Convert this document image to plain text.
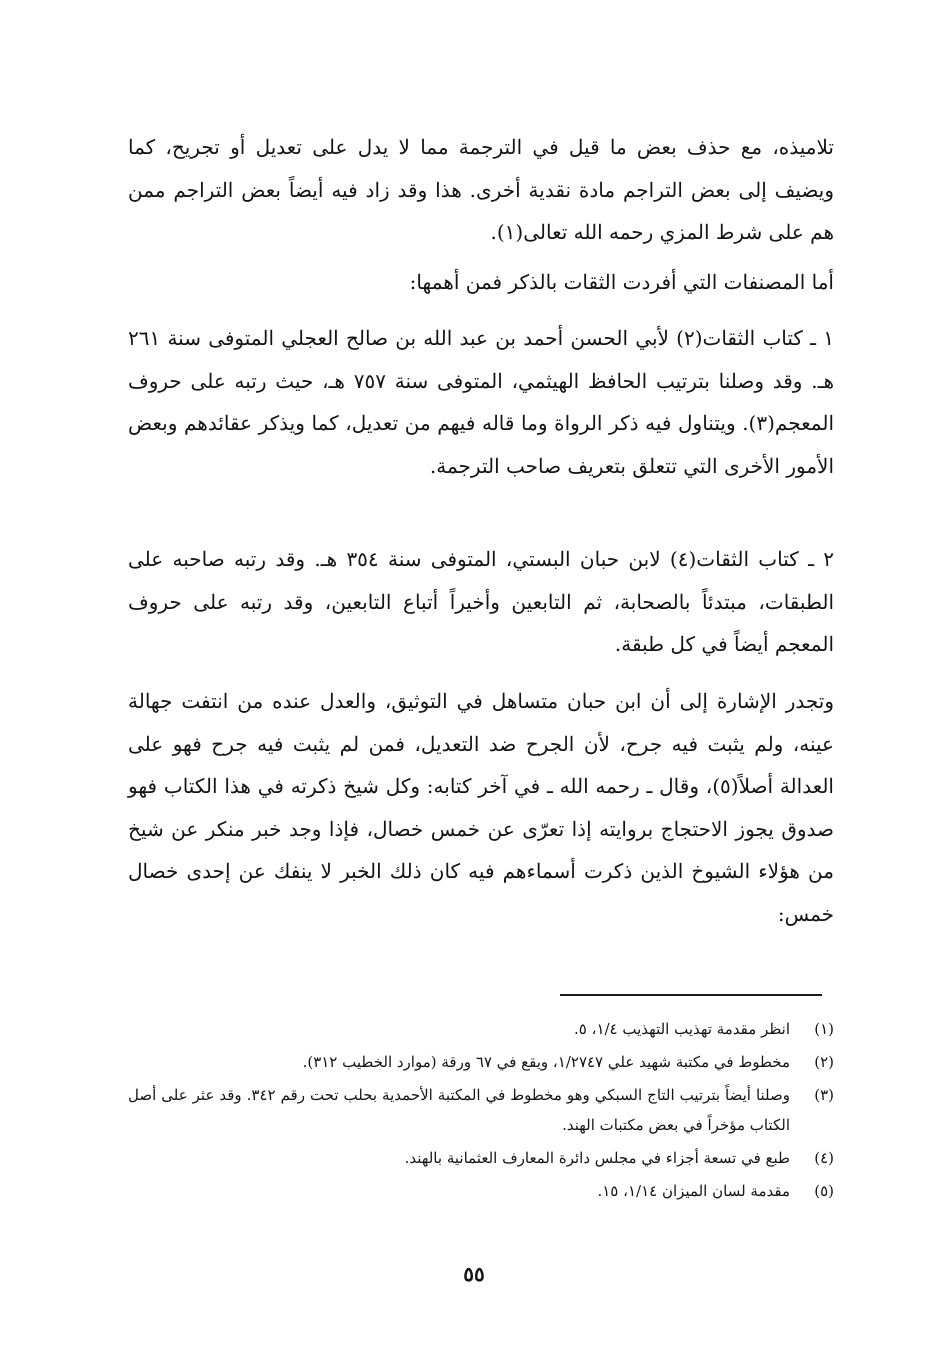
تلاميذه، مع حذف بعض ما قيل في الترجمة مما لا يدل على تعديل أو تجريح، كما ويضيف إلى بعض التراجم مادة نقدية أخرى. هذا وقد زاد فيه أيضاً بعض التراجم ممن هم على شرط المزي رحمه الله تعالى(١).

أما المصنفات التي أفردت الثقات بالذكر فمن أهمها:

١ ـ كتاب الثقات(٢) لأبي الحسن أحمد بن عبد الله بن صالح العجلي المتوفى سنة ٢٦١ هـ. وقد وصلنا بترتيب الحافظ الهيثمي، المتوفى سنة ٧٥٧ هـ، حيث رتبه على حروف المعجم(٣). ويتناول فيه ذكر الرواة وما قاله فيهم من تعديل، كما ويذكر عقائدهم وبعض الأمور الأخرى التي تتعلق بتعريف صاحب الترجمة.

٢ ـ كتاب الثقات(٤) لابن حبان البستي، المتوفى سنة ٣٥٤ هـ. وقد رتبه صاحبه على الطبقات، مبتدئاً بالصحابة، ثم التابعين وأخيراً أتباع التابعين، وقد رتبه على حروف المعجم أيضاً في كل طبقة.

وتجدر الإشارة إلى أن ابن حبان متساهل في التوثيق، والعدل عنده من انتفت جهالة عينه، ولم يثبت فيه جرح، لأن الجرح ضد التعديل، فمن لم يثبت فيه جرح فهو على العدالة أصلاً(٥)، وقال ـ رحمه الله ـ في آخر كتابه: وكل شيخ ذكرته في هذا الكتاب فهو صدوق يجوز الاحتجاج بروايته إذا تعرّى عن خمس خصال، فإذا وجد خبر منكر عن شيخ من هؤلاء الشيوخ الذين ذكرت أسماءهم فيه كان ذلك الخبر لا ينفك عن إحدى خصال خمس:

(١)
انظر مقدمة تهذيب التهذيب ١/٤، ٥.
(٢)
مخطوط في مكتبة شهيد علي ١/٢٧٤٧، ويقع في ٦٧ ورقة (موارد الخطيب ٣١٢).
(٣)
وصلنا أيضاً بترتيب التاج السبكي وهو مخطوط في المكتبة الأحمدية بحلب تحت رقم ٣٤٢. وقد عثر على أصل الكتاب مؤخراً في بعض مكتبات الهند.
(٤)
طبع في تسعة أجزاء في مجلس دائرة المعارف العثمانية بالهند.
(٥)
مقدمة لسان الميزان ١/١٤، ١٥.
٥٥
